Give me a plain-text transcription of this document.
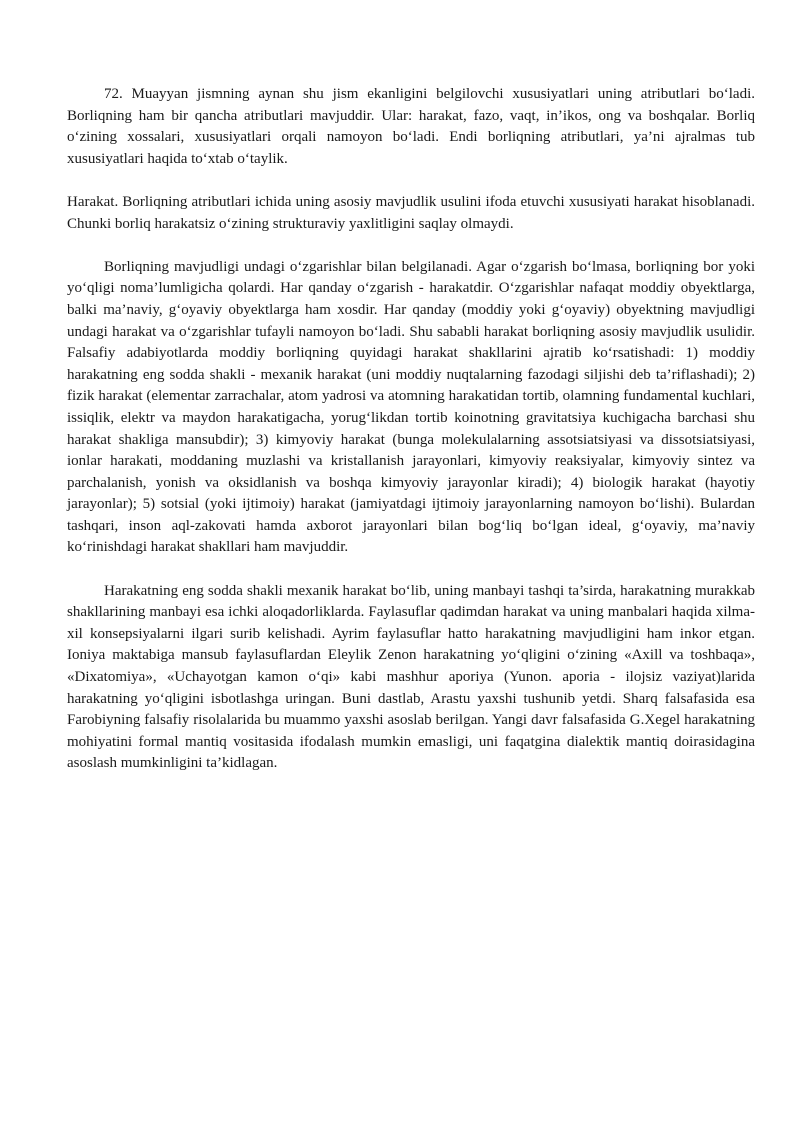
72. Muayyan jismning aynan shu jism ekanligini belgilovchi xususiyatlari uning atributlari bo‘ladi. Borliqning ham bir qancha atributlari mavjuddir. Ular: harakat, fazo, vaqt, in’ikos, ong va boshqalar. Borliq o‘zining xossalari, xususiyatlari orqali namoyon bo‘ladi. Endi borliqning atributlari, ya’ni ajralmas tub xususiyatlari haqida to‘xtab o‘taylik.

Harakat. Borliqning atributlari ichida uning asosiy mavjudlik usulini ifoda etuvchi xususiyati harakat hisoblanadi. Chunki borliq harakatsiz o‘zining strukturaviy yaxlitligini saqlay olmaydi.

Borliqning mavjudligi undagi o‘zgarishlar bilan belgilanadi. Agar o‘zgarish bo‘lmasa, borliqning bor yoki yo‘qligi noma’lumligicha qolardi. Har qanday o‘zgarish - harakatdir. O‘zgarishlar nafaqat moddiy obyektlarga, balki ma’naviy, g‘oyaviy obyektlarga ham xosdir. Har qanday (moddiy yoki g‘oyaviy) obyektning mavjudligi undagi harakat va o‘zgarishlar tufayli namoyon bo‘ladi. Shu sababli harakat borliqning asosiy mavjudlik usulidir. Falsafiy adabiyotlarda moddiy borliqning quyidagi harakat shakllarini ajratib ko‘rsatishadi: 1) moddiy harakatning eng sodda shakli - mexanik harakat (uni moddiy nuqtalarning fazodagi siljishi deb ta’riflashadi); 2) fizik harakat (elementar zarrachalar, atom yadrosi va atomning harakatidan tortib, olamning fundamental kuchlari, issiqlik, elektr va maydon harakatigacha, yorug‘likdan tortib koinotning gravitatsiya kuchigacha barchasi shu harakat shakliga mansubdir); 3) kimyoviy harakat (bunga molekulalarning assotsiatsiyasi va dissotsiatsiyasi, ionlar harakati, moddaning muzlashi va kristallanish jarayonlari, kimyoviy reaksiyalar, kimyoviy sintez va parchalanish, yonish va oksidlanish va boshqa kimyoviy jarayonlar kiradi); 4) biologik harakat (hayotiy jarayonlar); 5) sotsial (yoki ijtimoiy) harakat (jamiyatdagi ijtimoiy jarayonlarning namoyon bo‘lishi). Bulardan tashqari, inson aql-zakovati hamda axborot jarayonlari bilan bog‘liq bo‘lgan ideal, g‘oyaviy, ma’naviy ko‘rinishdagi harakat shakllari ham mavjuddir.

Harakatning eng sodda shakli mexanik harakat bo‘lib, uning manbayi tashqi ta’sirda, harakatning murakkab shakllarining manbayi esa ichki aloqadorliklarda. Faylasuflar qadimdan harakat va uning manbalari haqida xilma-xil konsepsiyalarni ilgari surib kelishadi. Ayrim faylasuflar hatto harakatning mavjudligini ham inkor etgan. Ioniya maktabiga mansub faylasuflardan Eleylik Zenon harakatning yo‘qligini o‘zining «Axill va toshbaqa», «Dixatomiya», «Uchayotgan kamon o‘qi» kabi mashhur aporiya (Yunon. aporia - ilojsiz vaziyat)larida harakatning yo‘qligini isbotlashga uringan. Buni dastlab, Arastu yaxshi tushunib yetdi. Sharq falsafasida esa Farobiyning falsafiy risolalarida bu muammo yaxshi asoslab berilgan. Yangi davr falsafasida G.Xegel harakatning mohiyatini formal mantiq vositasida ifodalash mumkin emasligi, uni faqatgina dialektik mantiq doirasidagina asoslash mumkinligini ta’kidlagan.
